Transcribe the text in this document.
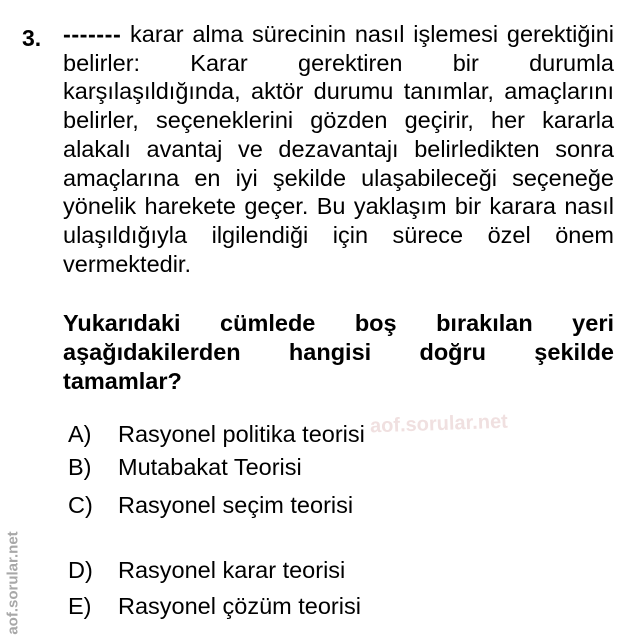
3. ------- karar alma sürecinin nasıl işlemesi gerektiğini belirler: Karar gerektiren bir durumla karşılaşıldığında, aktör durumu tanımlar, amaçlarını belirler, seçeneklerini gözden geçirir, her kararla alakalı avantaj ve dezavantajı belirledikten sonra amaçlarına en iyi şekilde ulaşabileceği seçeneğe yönelik harekete geçer. Bu yaklaşım bir karara nasıl ulaşıldığıyla ilgilendiği için sürece özel önem vermektedir.
Yukarıdaki cümlede boş bırakılan yeri aşağıdakilerden hangisi doğru şekilde tamamlar?
A) Rasyonel politika teorisi
B) Mutabakat Teorisi
C) Rasyonel seçim teorisi
D) Rasyonel karar teorisi
E) Rasyonel çözüm teorisi
aof.sorular.net
aof.sorular.net
